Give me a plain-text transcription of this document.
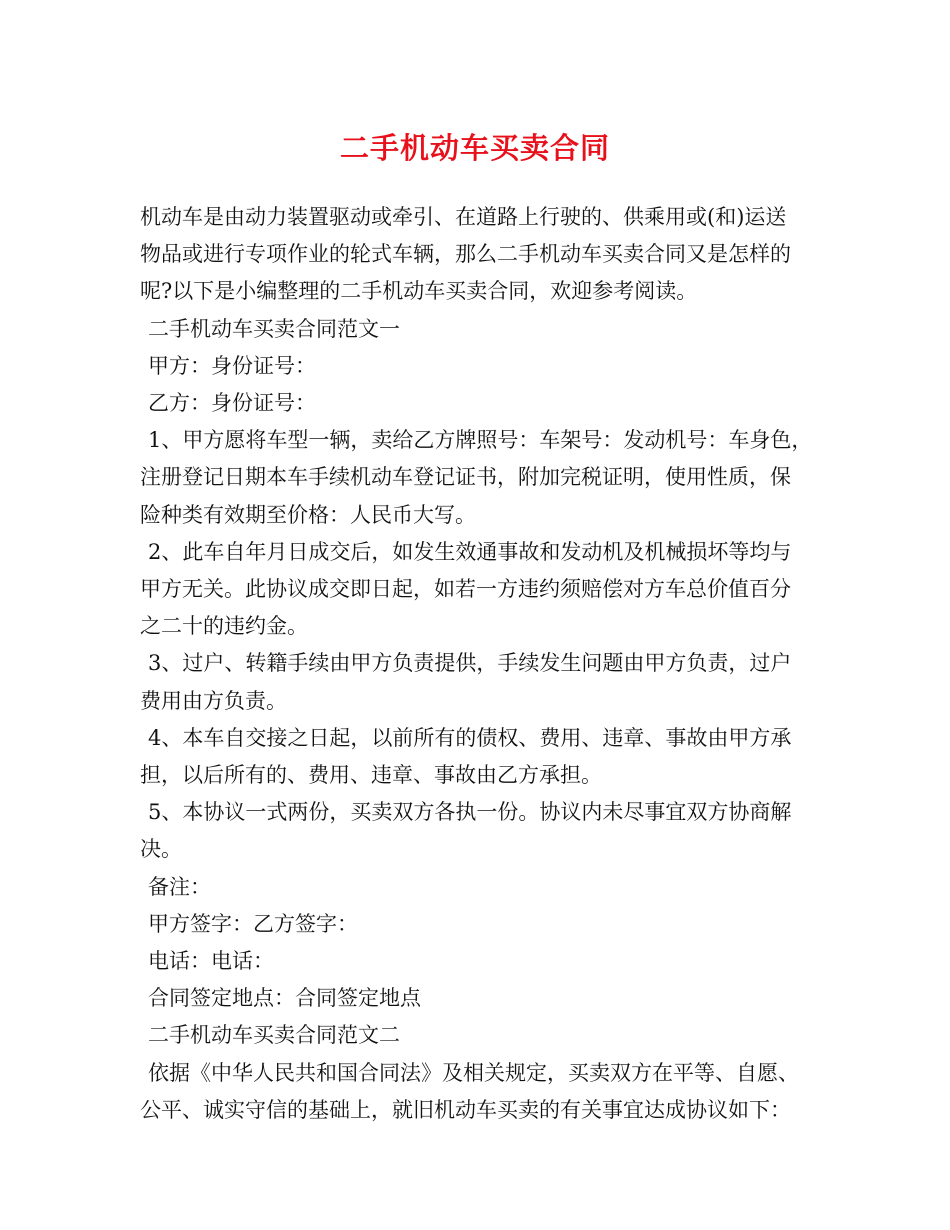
二手机动车买卖合同

机动车是由动力装置驱动或牵引、在道路上行驶的、供乘用或(和)运送

物品或进行专项作业的轮式车辆，那么二手机动车买卖合同又是怎样的

呢?以下是小编整理的二手机动车买卖合同，欢迎参考阅读。

二手机动车买卖合同范文一

甲方：身份证号：

乙方：身份证号：

1、甲方愿将车型一辆，卖给乙方牌照号：车架号：发动机号：车身色，

注册登记日期本车手续机动车登记证书，附加完税证明，使用性质，保

险种类有效期至价格：人民币大写。

2、此车自年月日成交后，如发生效通事故和发动机及机械损坏等均与

甲方无关。此协议成交即日起，如若一方违约须赔偿对方车总价值百分

之二十的违约金。

3、过户、转籍手续由甲方负责提供，手续发生问题由甲方负责，过户

费用由方负责。

4、本车自交接之日起，以前所有的债权、费用、违章、事故由甲方承

担，以后所有的、费用、违章、事故由乙方承担。

5、本协议一式两份，买卖双方各执一份。协议内未尽事宜双方协商解

决。

备注：

甲方签字：乙方签字：

电话：电话：

合同签定地点：合同签定地点

二手机动车买卖合同范文二

依据《中华人民共和国合同法》及相关规定，买卖双方在平等、自愿、

公平、诚实守信的基础上，就旧机动车买卖的有关事宜达成协议如下：
